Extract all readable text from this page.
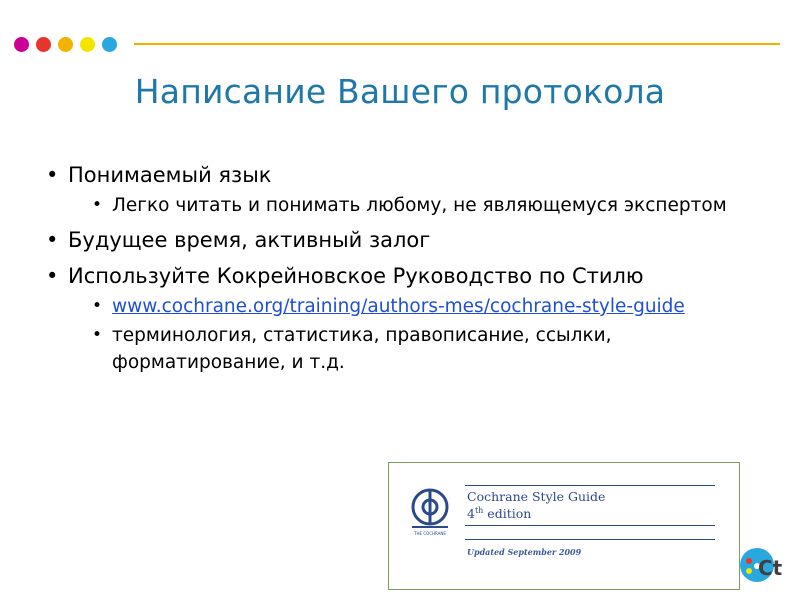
Написание Вашего протокола
• Понимаемый язык
• Легко читать и понимать любому, не являющемуся экспертом
• Будущее время, активный залог
• Используйте Кокрейновское Руководство по Стилю
• www.cochrane.org/training/authors-mes/cochrane-style-guide
• терминология, статистика, правописание, ссылки, форматирование, и т.д.
THE COCHRANE
Cochrane Style Guide
4th edition
Updated September 2009
Ct
